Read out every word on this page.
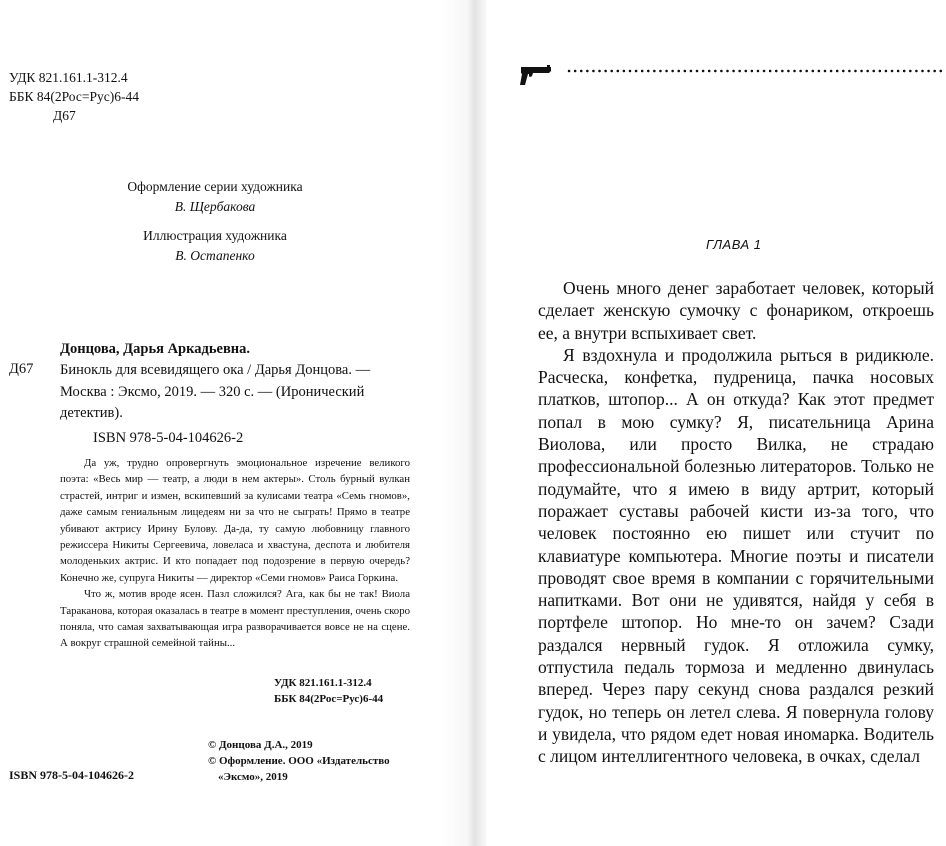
УДК 821.161.1-312.4
ББК 84(2Рос=Рус)6-44
Д67
Оформление серии художника
В. Щербакова
Иллюстрация художника
В. Остапенко
Донцова, Дарья Аркадьевна.
Д67 Бинокль для всевидящего ока / Дарья Донцова. — Москва : Эксмо, 2019. — 320 с. — (Иронический детектив).
ISBN 978-5-04-104626-2

Да уж, трудно опровергнуть эмоциональное изречение великого поэта: «Весь мир — театр, а люди в нем актеры». Столь бурный вулкан страстей, интриг и измен, вскипевший за кулисами театра «Семь гномов», даже самым гениальным лицедеям ни за что не сыграть! Прямо в театре убивают актрису Ирину Булову. Да-да, ту самую любовницу главного режиссера Никиты Сергеевича, ловеласа и хвастуна, деспота и любителя молоденьких актрис. И кто попадает под подозрение в первую очередь? Конечно же, супруга Никиты — директор «Семи гномов» Раиса Горкина.

Что ж, мотив вроде ясен. Пазл сложился? Ага, как бы не так! Виола Тараканова, которая оказалась в театре в момент преступления, очень скоро поняла, что самая захватывающая игра разворачивается вовсе не на сцене. А вокруг страшной семейной тайны...

УДК 821.161.1-312.4
ББК 84(2Рос=Рус)6-44
© Донцова Д.А., 2019
© Оформление. ООО «Издательство
«Эксмо», 2019
ISBN 978-5-04-104626-2
ГЛАВА 1

Очень много денег заработает человек, который сделает женскую сумочку с фонариком, откроешь ее, а внутри вспыхивает свет.

Я вздохнула и продолжила рыться в ридикюле. Расческа, конфетка, пудреница, пачка носовых платков, штопор... А он откуда? Как этот предмет попал в мою сумку? Я, писательница Арина Виолова, или просто Вилка, не страдаю профессиональной болезнью литераторов. Только не подумайте, что я имею в виду артрит, который поражает суставы рабочей кисти из-за того, что человек постоянно ею пишет или стучит по клавиатуре компьютера. Многие поэты и писатели проводят свое время в компании с горячительными напитками. Вот они не удивятся, найдя у себя в портфеле штопор. Но мне-то он зачем? Сзади раздался нервный гудок. Я отложила сумку, отпустила педаль тормоза и медленно двинулась вперед. Через пару секунд снова раздался резкий гудок, но теперь он летел слева. Я повернула голову и увидела, что рядом едет новая иномарка. Водитель с лицом интеллигентного человека, в очках, сделал
